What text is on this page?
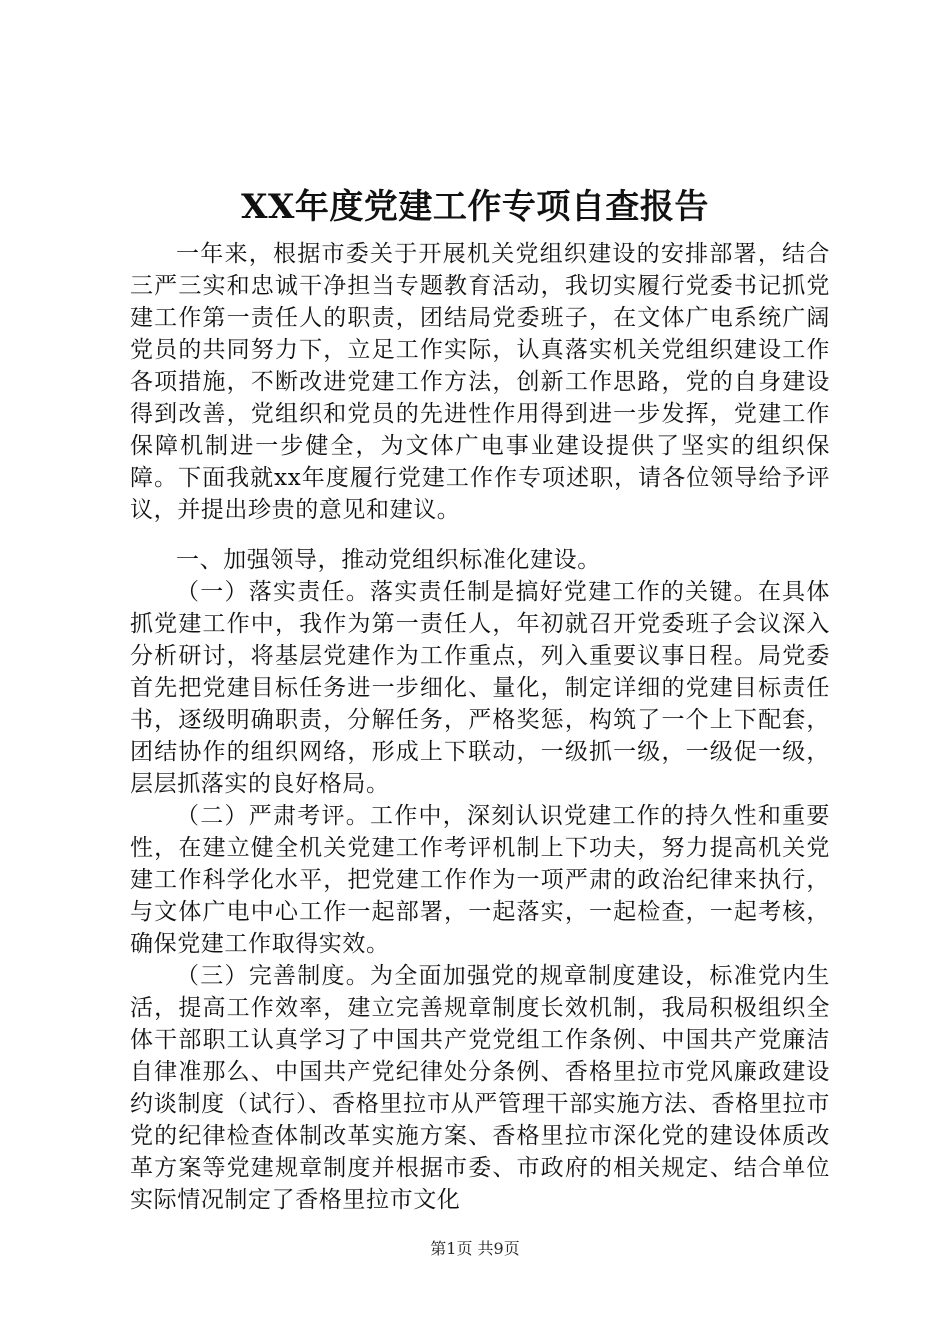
XX年度党建工作专项自查报告

一年来，根据市委关于开展机关党组织建设的安排部署，结合三严三实和忠诚干净担当专题教育活动，我切实履行党委书记抓党建工作第一责任人的职责，团结局党委班子，在文体广电系统广阔党员的共同努力下，立足工作实际，认真落实机关党组织建设工作各项措施，不断改进党建工作方法，创新工作思路，党的自身建设得到改善，党组织和党员的先进性作用得到进一步发挥，党建工作保障机制进一步健全，为文体广电事业建设提供了坚实的组织保障。下面我就xx年度履行党建工作作专项述职，请各位领导给予评议，并提出珍贵的意见和建议。

一、加强领导，推动党组织标准化建设。

（一）落实责任。落实责任制是搞好党建工作的关键。在具体抓党建工作中，我作为第一责任人，年初就召开党委班子会议深入分析研讨，将基层党建作为工作重点，列入重要议事日程。局党委首先把党建目标任务进一步细化、量化，制定详细的党建目标责任书，逐级明确职责，分解任务，严格奖惩，构筑了一个上下配套，团结协作的组织网络，形成上下联动，一级抓一级，一级促一级，层层抓落实的良好格局。

（二）严肃考评。工作中，深刻认识党建工作的持久性和重要性，在建立健全机关党建工作考评机制上下功夫，努力提高机关党建工作科学化水平，把党建工作作为一项严肃的政治纪律来执行，与文体广电中心工作一起部署，一起落实，一起检查，一起考核，确保党建工作取得实效。

（三）完善制度。为全面加强党的规章制度建设，标准党内生活，提高工作效率，建立完善规章制度长效机制，我局积极组织全体干部职工认真学习了中国共产党党组工作条例、中国共产党廉洁自律准那么、中国共产党纪律处分条例、香格里拉市党风廉政建设约谈制度（试行）、香格里拉市从严管理干部实施方法、香格里拉市党的纪律检查体制改革实施方案、香格里拉市深化党的建设体质改革方案等党建规章制度并根据市委、市政府的相关规定、结合单位实际情况制定了香格里拉市文化

第1页 共9页
